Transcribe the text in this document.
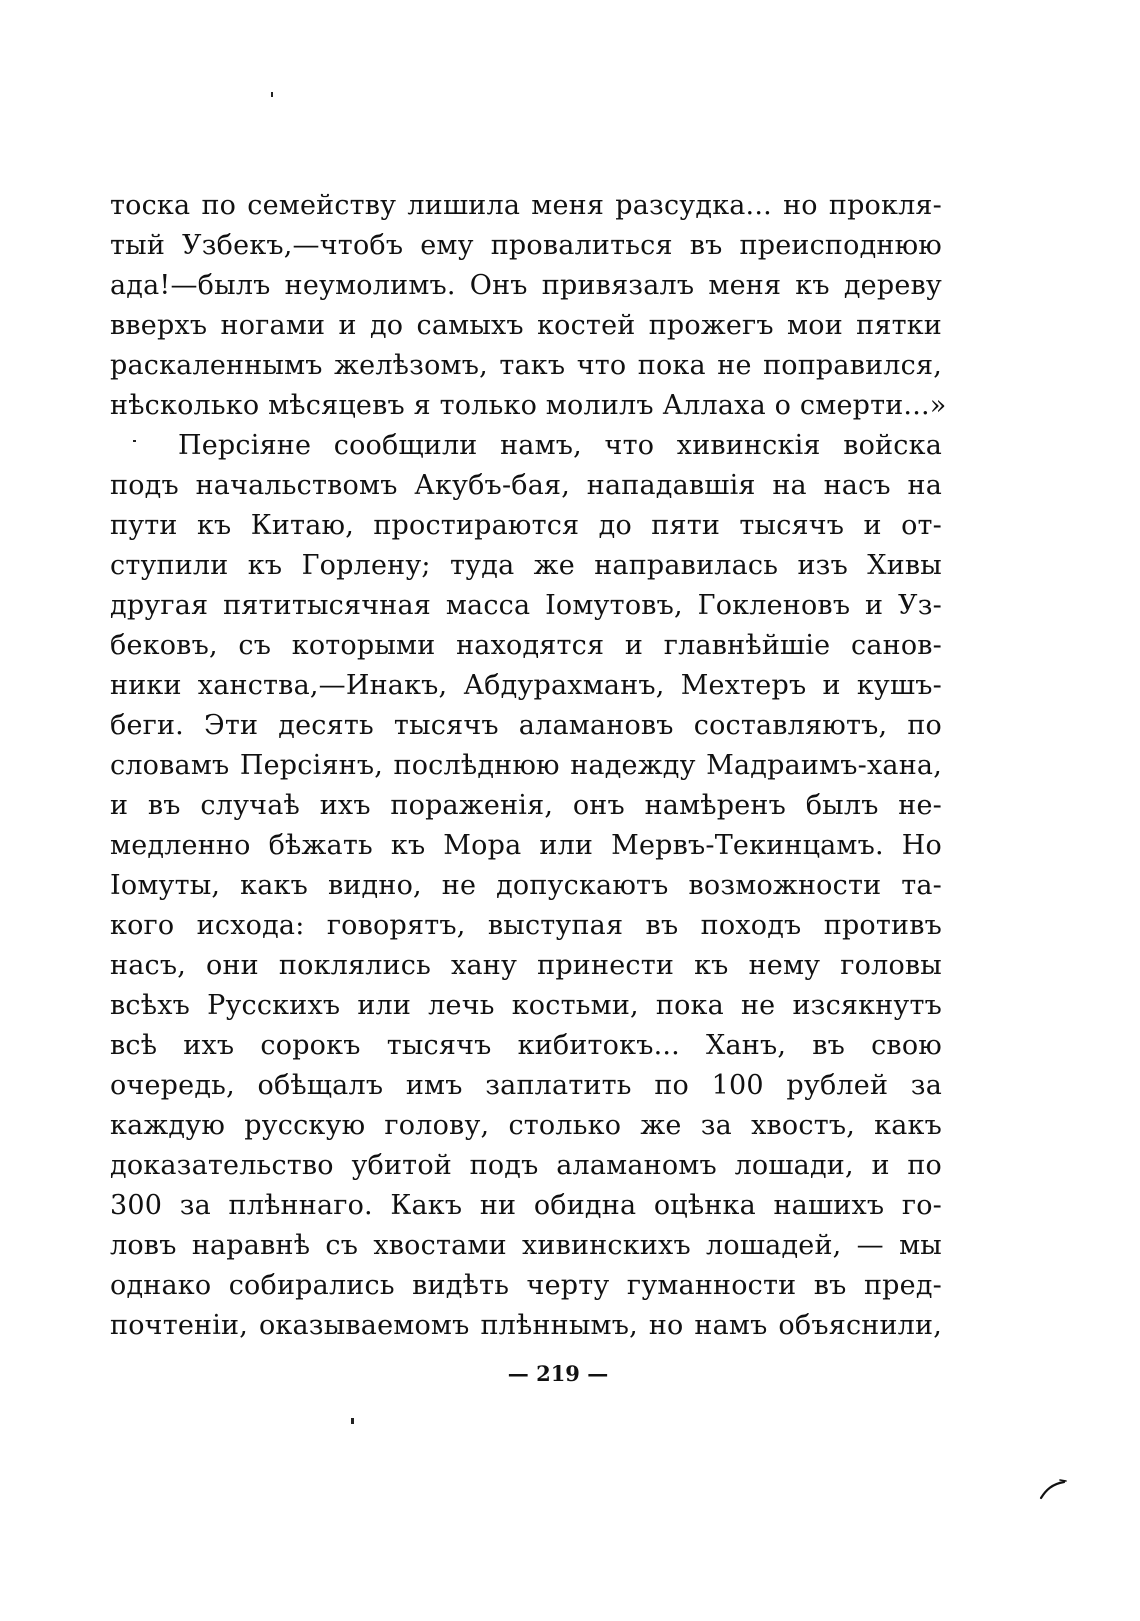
тоска по семейству лишила меня разсудка... но прокля-
тый Узбекъ,—чтобъ ему провалиться въ преисподнюю
ада!—былъ неумолимъ. Онъ привязалъ меня къ дереву
вверхъ ногами и до самыхъ костей прожегъ мои пятки
раскаленнымъ желѣзомъ, такъ что пока не поправился,
нѣсколько мѣсяцевъ я только молилъ Аллаха о смерти...»
Персіяне сообщили намъ, что хивинскія войска
подъ начальствомъ Акубъ-бая, нападавшія на насъ на
пути къ Китаю, простираются до пяти тысячъ и от-
ступили къ Горлену; туда же направилась изъ Хивы
другая пятитысячная масса Іомутовъ, Гокленовъ и Уз-
бековъ, съ которыми находятся и главнѣйшіе санов-
ники ханства,—Инакъ, Абдурахманъ, Мехтеръ и кушъ-
беги. Эти десять тысячъ аламановъ составляютъ, по
словамъ Персіянъ, послѣднюю надежду Мадраимъ-хана,
и въ случаѣ ихъ пораженія, онъ намѣренъ былъ не-
медленно бѣжать къ Мора или Мервъ-Текинцамъ. Но
Іомуты, какъ видно, не допускаютъ возможности та-
кого исхода: говорятъ, выступая въ походъ противъ
насъ, они поклялись хану принести къ нему головы
всѣхъ Русскихъ или лечь костьми, пока не изсякнутъ
всѣ ихъ сорокъ тысячъ кибитокъ... Ханъ, въ свою
очередь, обѣщалъ имъ заплатить по 100 рублей за
каждую русскую голову, столько же за хвостъ, какъ
доказательство убитой подъ аламаномъ лошади, и по
300 за плѣннаго. Какъ ни обидна оцѣнка нашихъ го-
ловъ наравнѣ съ хвостами хивинскихъ лошадей, — мы
однако собирались видѣть черту гуманности въ пред-
почтеніи, оказываемомъ плѣннымъ, но намъ объяснили,
— 219 —
